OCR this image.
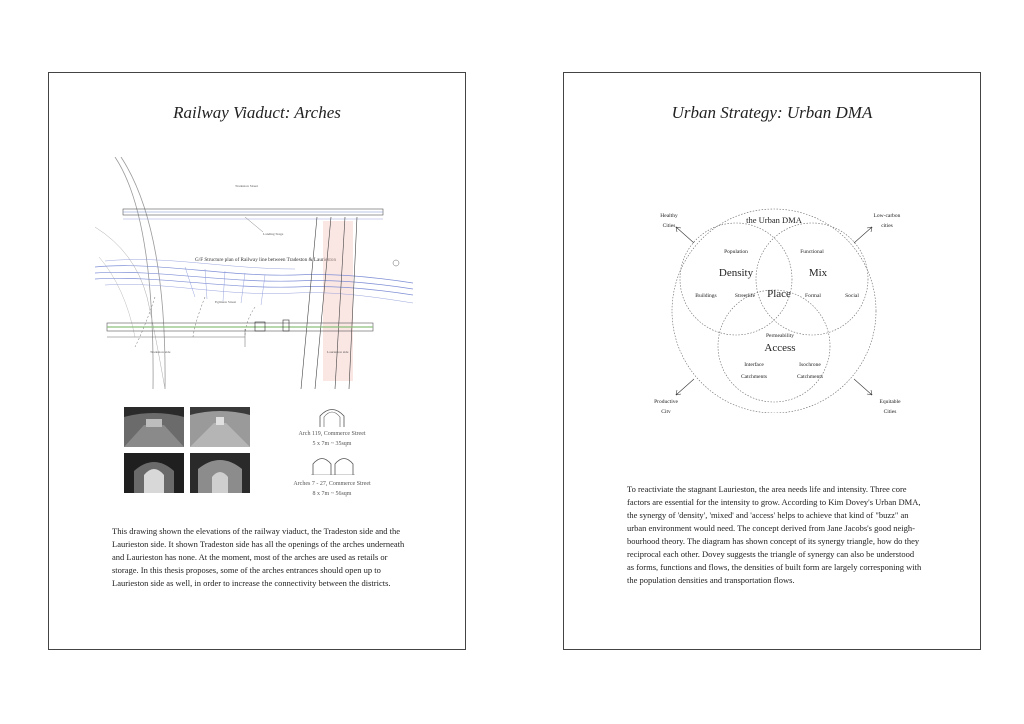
Railway Viaduct: Arches
Tradeston Street
Landing Stage
G/F Structure plan of Railway line between Tradeston & Laurieston
Eglinton Street
Tradeston side	Laurieston side
Arch 119, Commerce Street
5 x 7m ~ 35sqm
Arches 7 - 27, Commerce Street
8 x 7m ~ 56sqm
This drawing shown the elevations of the railway viaduct, the Tradeston side and the
Laurieston side. It shown Tradeston side has all the openings of the arches underneath
and Laurieston has none. At the moment, most of the arches are used as retails or
storage. In this thesis proposes, some of the arches entrances should open up to
Laurieston side as well, in order to increase the connectivity between the districts.
Urban Strategy: Urban DMA
the Urban DMA
Healthy
Cities
Low-carbon
cities
Productive
City
Equitable
Cities
Population
Density
Buildings	Streetlife
Functional
Mix
Formal	Social
Place
Permeability
Access
Interface
Catchments
Isochrone
Catchments
To reactiviate the stagnant Laurieston, the area needs life and intensity. Three core
factors are essential for the intensity to grow. According to Kim Dovey's Urban DMA,
the synergy of 'density', 'mixed' and 'access' helps to achieve that kind of "buzz" an
urban environment would need. The concept derived from Jane Jacobs's good neigh-
bourhood theory. The diagram has shown concept of its synergy triangle, how do they
reciprocal each other. Dovey suggests the triangle of synergy can also be understood
as forms, functions and flows, the densities of built form are largely corresponing with
the population densities and transportation flows.
